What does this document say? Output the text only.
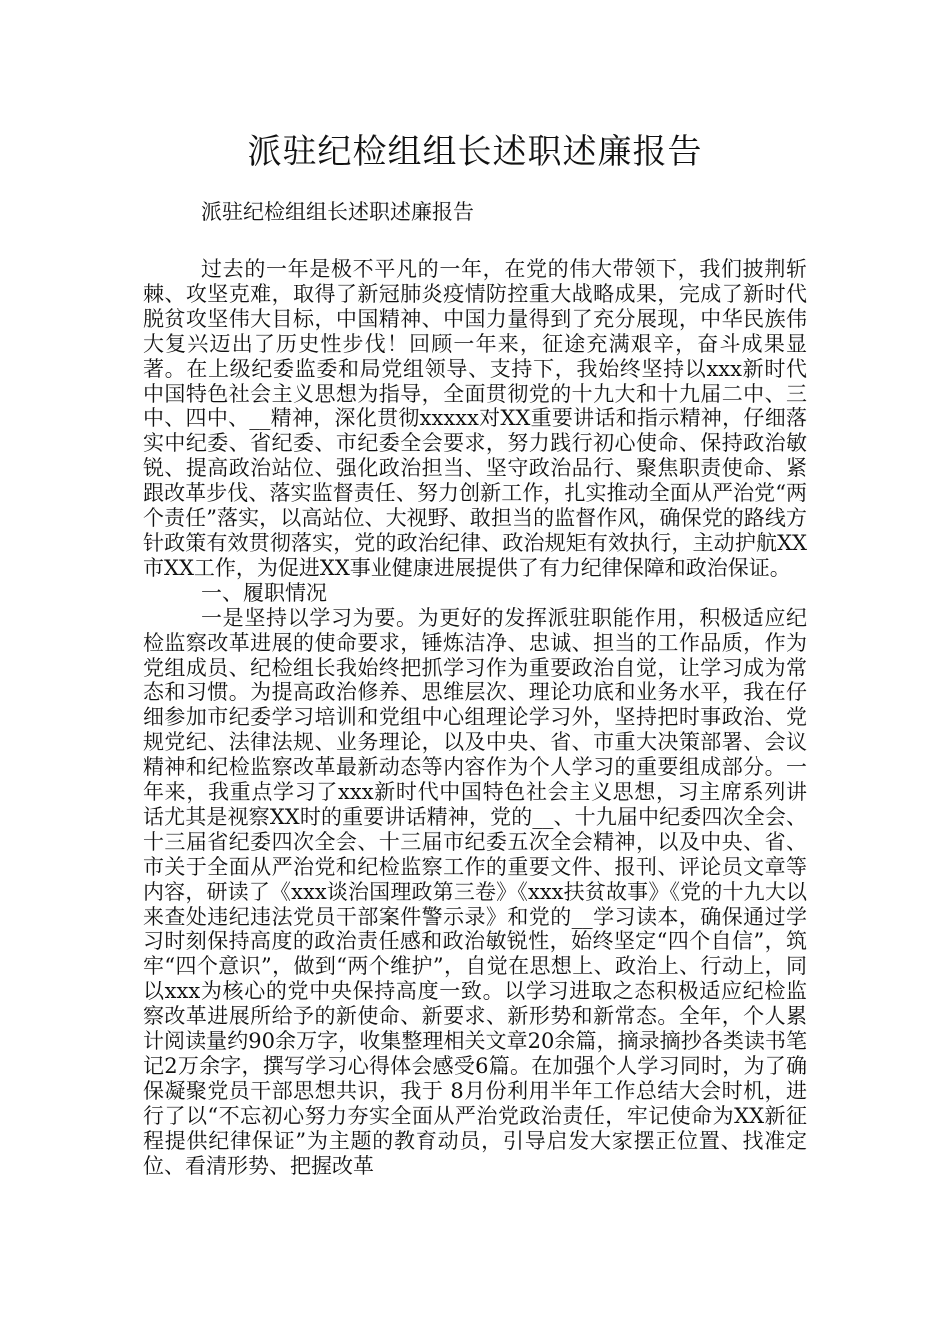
派驻纪检组组长述职述廉报告

派驻纪检组组长述职述廉报告

过去的一年是极不平凡的一年，在党的伟大带领下，我们披荆斩棘、攻坚克难，取得了新冠肺炎疫情防控重大战略成果，完成了新时代脱贫攻坚伟大目标，中国精神、中国力量得到了充分展现，中华民族伟大复兴迈出了历史性步伐！回顾一年来，征途充满艰辛，奋斗成果显著。在上级纪委监委和局党组领导、支持下，我始终坚持以xxx新时代中国特色社会主义思想为指导，全面贯彻党的十九大和十九届二中、三中、四中、__精神，深化贯彻xxxxx对XX重要讲话和指示精神，仔细落实中纪委、省纪委、市纪委全会要求，努力践行初心使命、保持政治敏锐、提高政治站位、强化政治担当、坚守政治品行、聚焦职责使命、紧跟改革步伐、落实监督责任、努力创新工作，扎实推动全面从严治党“两个责任”落实，以高站位、大视野、敢担当的监督作风，确保党的路线方针政策有效贯彻落实，党的政治纪律、政治规矩有效执行，主动护航XX市XX工作，为促进XX事业健康进展提供了有力纪律保障和政治保证。

一、履职情况

一是坚持以学习为要。为更好的发挥派驻职能作用，积极适应纪检监察改革进展的使命要求，锤炼洁净、忠诚、担当的工作品质，作为党组成员、纪检组长我始终把抓学习作为重要政治自觉，让学习成为常态和习惯。为提高政治修养、思维层次、理论功底和业务水平，我在仔细参加市纪委学习培训和党组中心组理论学习外，坚持把时事政治、党规党纪、法律法规、业务理论，以及中央、省、市重大决策部署、会议精神和纪检监察改革最新动态等内容作为个人学习的重要组成部分。一年来，我重点学习了xxx新时代中国特色社会主义思想，习主席系列讲话尤其是视察XX时的重要讲话精神，党的__、十九届中纪委四次全会、十三届省纪委四次全会、十三届市纪委五次全会精神，以及中央、省、市关于全面从严治党和纪检监察工作的重要文件、报刊、评论员文章等内容，研读了《xxx谈治国理政第三卷》《xxx扶贫故事》《党的十九大以来查处违纪违法党员干部案件警示录》和党的__学习读本，确保通过学习时刻保持高度的政治责任感和政治敏锐性，始终坚定“四个自信”，筑牢“四个意识”，做到“两个维护”，自觉在思想上、政治上、行动上，同以xxx为核心的党中央保持高度一致。以学习进取之态积极适应纪检监察改革进展所给予的新使命、新要求、新形势和新常态。全年，个人累计阅读量约90余万字，收集整理相关文章20余篇，摘录摘抄各类读书笔记2万余字，撰写学习心得体会感受6篇。在加强个人学习同时，为了确保凝聚党员干部思想共识，我于 8月份利用半年工作总结大会时机，进行了以“不忘初心努力夯实全面从严治党政治责任，牢记使命为XX新征程提供纪律保证”为主题的教育动员，引导启发大家摆正位置、找准定位、看清形势、把握改革
